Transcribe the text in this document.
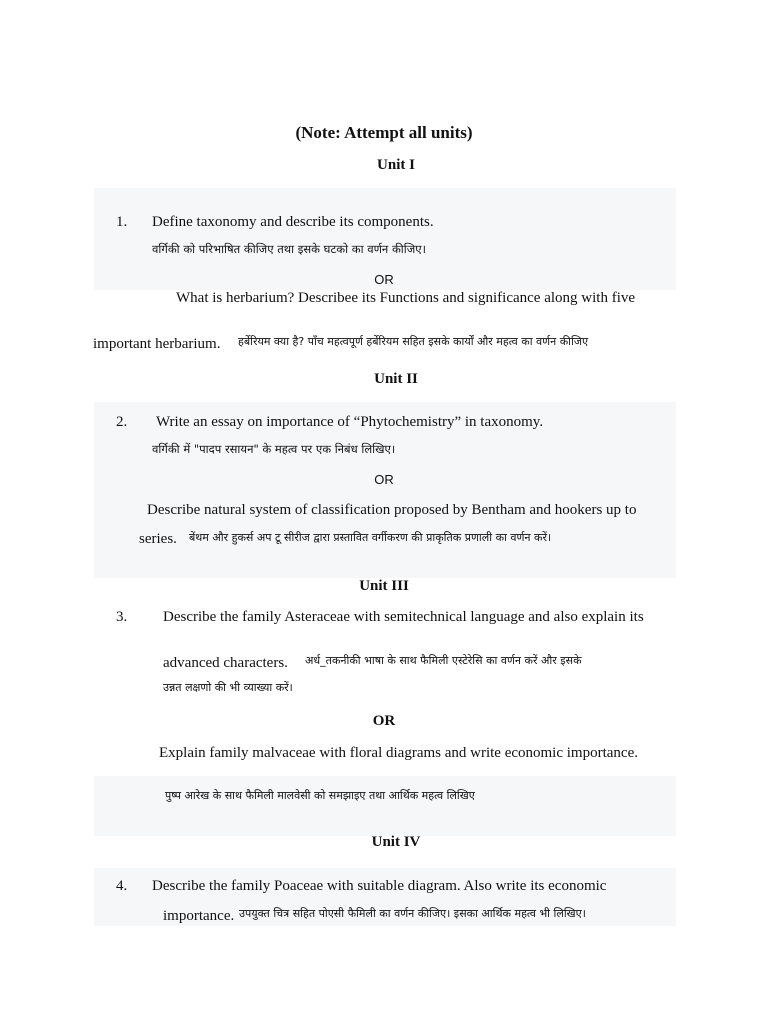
(Note: Attempt all units)
Unit I
1. Define taxonomy and describe its components.
वर्गिकी को परिभाषित कीजिए तथा इसके घटको का वर्णन कीजिए।
OR
What is herbarium? Describee its Functions and significance along with five
important herbarium. हर्बेरियम क्या है? पाँच महत्वपूर्ण हर्बेरियम सहित इसके कार्यों और महत्व का वर्णन कीजिए
Unit II
2. Write an essay on importance of “Phytochemistry” in taxonomy.
वर्गिकी में "पादप रसायन" के महत्व पर एक निबंध लिखिए।
OR
Describe natural system of classification proposed by Bentham and hookers up to
series. बेंथम और हुकर्स अप टू सीरीज द्वारा प्रस्तावित वर्गीकरण की प्राकृतिक प्रणाली का वर्णन करें।
Unit III
3. Describe the family Asteraceae with semitechnical language and also explain its
advanced characters. अर्ध_तकनीकी भाषा के साथ फैमिली एस्टेरेसि का वर्णन करें और इसके
उन्नत लक्षणो की भी व्याख्या करें।
OR
Explain family malvaceae with floral diagrams and write economic importance.
पुष्प आरेख के साथ फैमिली मालवेसी को समझाइए तथा आर्थिक महत्व लिखिए
Unit IV
4. Describe the family Poaceae with suitable diagram. Also write its economic
importance. उपयुक्त चित्र सहित पोएसी फैमिली का वर्णन कीजिए। इसका आर्थिक महत्व भी लिखिए।
